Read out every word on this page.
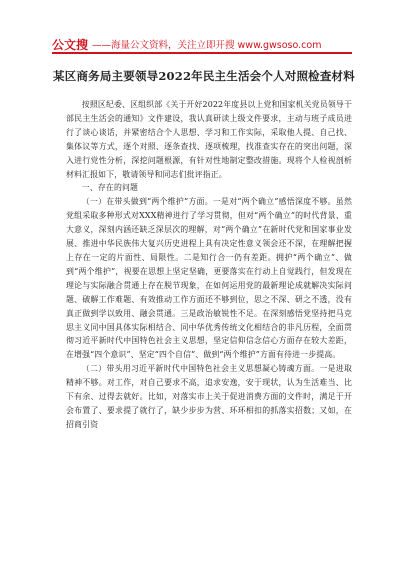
公文搜 ——海量公文资料，关注立即开搜 www.gwsoso.com
某区商务局主要领导2022年民主生活会个人对照检查材料

按照区纪委、区组织部《关于开好2022年度县以上党和国家机关党员领导干部民主生活会的通知》文件建设，我认真研读上级文件要求，主动与班子成员进行了谈心谈话，并紧密结合个人思想、学习和工作实际，采取他人提、自己找、集体议等方式，逐个对照、逐条查找、逐项梳理，找准查实存在的突出问题，深入进行党性分析，深挖问题根源，有针对性地制定整改措施。现将个人检视剖析材料汇报如下，敬请领导和同志们批评指正。

一、存在的问题

（一）在带头做到“两个维护”方面。一是对“两个确立”感悟深度不够。虽然党组采取多种形式对XXX精神进行了学习贯彻，但对“两个确立”的时代背景、重大意义，深刻内涵还缺乏深层次的理解，对“两个确立”在新时代党和国家事业发展、推进中华民族伟大复兴历史进程上具有决定性意义领会还不深，在理解把握上存在一定的片面性、局限性。二是知行合一仍有差距。拥护“两个确立”、做到“两个维护”，视要在思想上坚定坚确，更要落实在行动上自觉践行，但发现在理论与实际融合贯通上存在脱节现象，在如何运用党的最新理论成就解决实际问题、破解工作难题、有效推动工作方面还不够到位，思之不深、研之不透，没有真正做到学以致用、融会贯通。三是政治敏锐性不足。在深刻感悟党坚持把马克思主义同中国具体实际相结合、同中华优秀传统文化相结合的非凡历程，全面贯彻习近平新时代中国特色社会主义思想，坚定信仰信念信心方面存在较大差距，在增强“四个意识”、坚定“四个自信”、做到“两个维护”方面有待进一步提高。

（二）带头用习近平新时代中国特色社会主义思想凝心铸魂方面。一是进取精神不够。对工作，对自己要求不高，追求安逸，安于现状，认为生活难当、比下有余、过得去就好。比如，对落实市上关于促进消费方面的文件时，满足于开会布置了、要求提了就行了，缺少步步为营、环环相扣的抓落实招数；又如，在招商引资
